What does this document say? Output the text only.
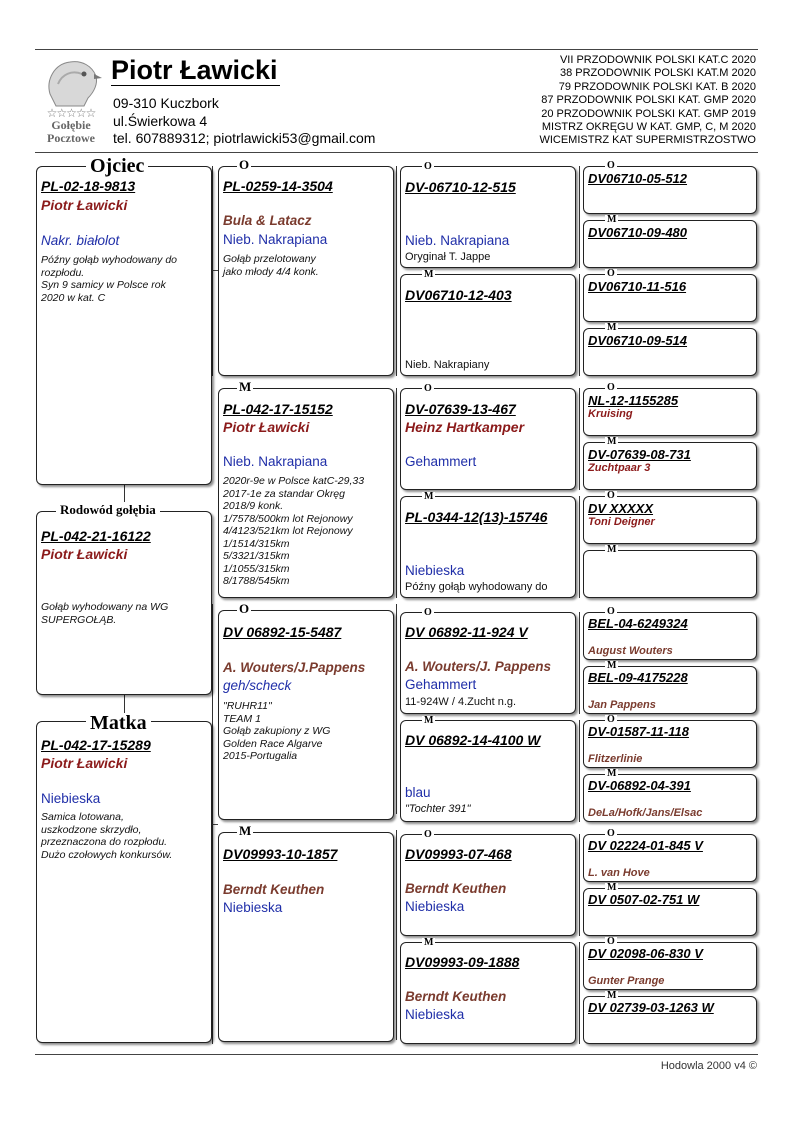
☆☆☆☆☆
Gołębie
Pocztowe
Piotr Ławicki
09-310 Kuczbork
ul.Świerkowa 4
tel. 607889312; piotrlawicki53@gmail.com
VII PRZODOWNIK POLSKI KAT.C 2020
38 PRZODOWNIK POLSKI KAT.M 2020
79 PRZODOWNIK POLSKI KAT. B 2020
87 PRZODOWNIK POLSKI KAT. GMP 2020
20 PRZODOWNIK POLSKI KAT. GMP 2019
MISTRZ OKRĘGU W KAT. GMP, C, M 2020
WICEMISTRZ KAT SUPERMISTRZOSTWO
PL-02-18-9813
Piotr Ławicki
Nakr. białolot
Późny gołąb wyhodowany do
rozpłodu.
Syn 9 samicy w Polsce rok
2020 w kat. C
Ojciec
PL-042-21-16122
Piotr Ławicki
Gołąb wyhodowany na WG
SUPERGOŁĄB.
Rodowód gołębia
PL-042-17-15289
Piotr Ławicki
Niebieska
Samica lotowana,
uszkodzone skrzydło,
przeznaczona do rozpłodu.
Dużo czołowych konkursów.
Matka
PL-0259-14-3504
Bula & Latacz
Nieb. Nakrapiana
Gołąb przelotowany
jako młody 4/4 konk.
O
PL-042-17-15152
Piotr Ławicki
Nieb. Nakrapiana
2020r-9e w Polsce katC-29,33
2017-1e za standar Okręg
2018/9 konk.
1/7578/500km lot Rejonowy
4/4123/521km lot Rejonowy
1/1514/315km
5/3321/315km
1/1055/315km
8/1788/545km
M
DV 06892-15-5487
A. Wouters/J.Pappens
geh/scheck
"RUHR11"
TEAM 1
Gołąb zakupiony z WG
Golden Race Algarve
2015-Portugalia
O
DV09993-10-1857
Berndt Keuthen
Niebieska
M
DV-06710-12-515
Nieb. Nakrapiana
Oryginał T. Jappe
O
DV06710-12-403
Nieb. Nakrapiany
M
DV-07639-13-467
Heinz Hartkamper
Gehammert
O
PL-0344-12(13)-15746
Niebieska
Późny gołąb wyhodowany do
M
DV 06892-11-924 V
A. Wouters/J. Pappens
Gehammert
11-924W / 4.Zucht n.g.
O
DV 06892-14-4100 W
blau
"Tochter 391"
M
DV09993-07-468
Berndt Keuthen
Niebieska
O
DV09993-09-1888
Berndt Keuthen
Niebieska
M
DV06710-05-512
O
DV06710-09-480
M
DV06710-11-516
O
DV06710-09-514
M
NL-12-1155285
Kruising
O
DV-07639-08-731
Zuchtpaar 3
M
DV XXXXX
Toni Deigner
O
M
BEL-04-6249324
August Wouters
O
BEL-09-4175228
Jan Pappens
M
DV-01587-11-118
Flitzerlinie
O
DV-06892-04-391
DeLa/Hofk/Jans/Elsac
M
DV 02224-01-845 V
L. van Hove
O
DV 0507-02-751 W
M
DV 02098-06-830 V
Gunter Prange
O
DV 02739-03-1263 W
M
Hodowla 2000 v4 ©
